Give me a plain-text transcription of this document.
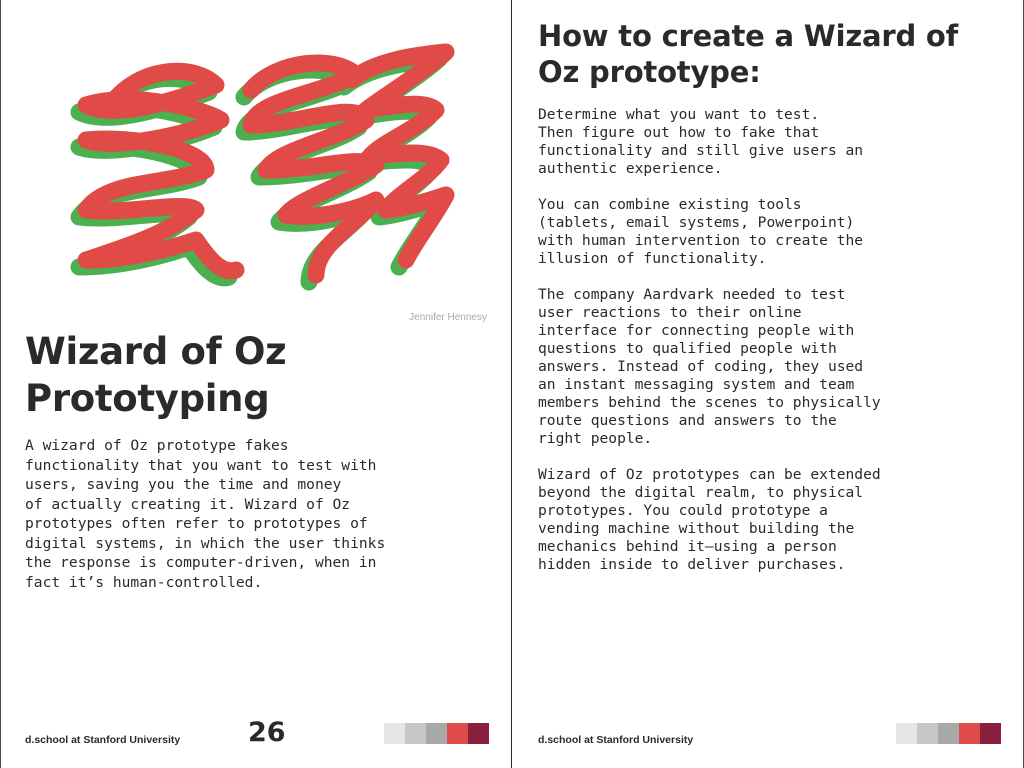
Jennifer Hennesy
Wizard of Oz
Prototyping

A wizard of Oz prototype fakes
functionality that you want to test with
users, saving you the time and money
of actually creating it. Wizard of Oz
prototypes often refer to prototypes of
digital systems, in which the user thinks
the response is computer-driven, when in
fact it’s human-controlled.

d.school at Stanford University	26
How to create a Wizard of
Oz prototype:

Determine what you want to test.
Then figure out how to fake that
functionality and still give users an
authentic experience.

You can combine existing tools
(tablets, email systems, Powerpoint)
with human intervention to create the
illusion of functionality.

The company Aardvark needed to test
user reactions to their online
interface for connecting people with
questions to qualified people with
answers. Instead of coding, they used
an instant messaging system and team
members behind the scenes to physically
route questions and answers to the
right people.

Wizard of Oz prototypes can be extended
beyond the digital realm, to physical
prototypes. You could prototype a
vending machine without building the
mechanics behind it—using a person
hidden inside to deliver purchases.

d.school at Stanford University
